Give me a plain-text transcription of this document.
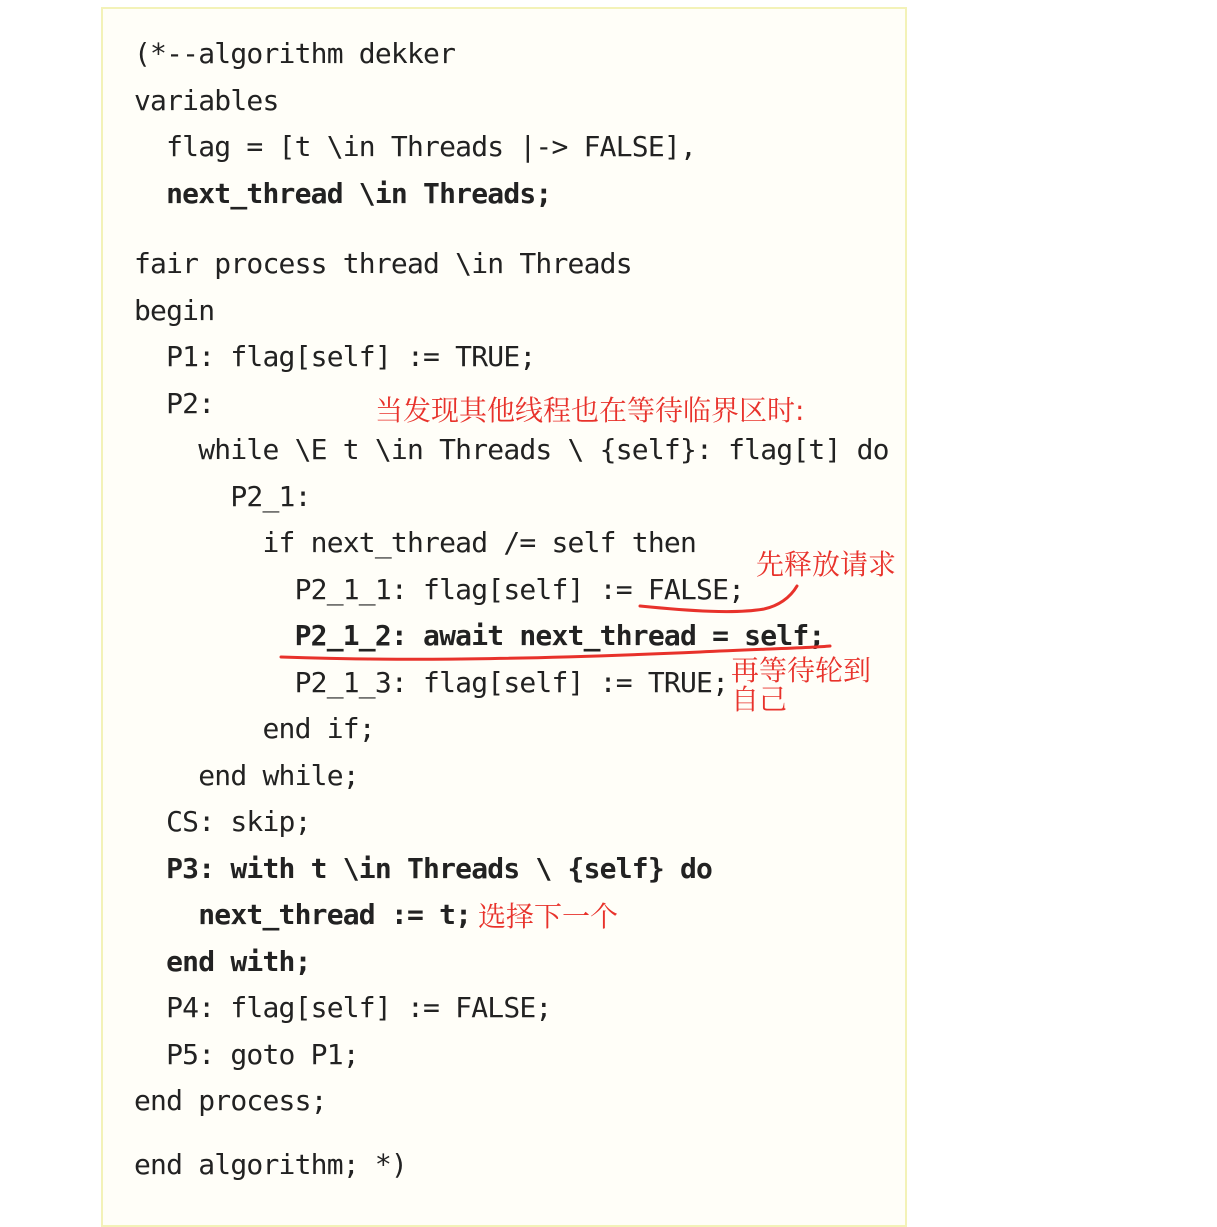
(*--algorithm dekker

variables

flag = [t \in Threads |-> FALSE],

next_thread \in Threads;

fair process thread \in Threads

begin

P1: flag[self] := TRUE;

P2:

while \E t \in Threads \ {self}: flag[t] do

P2_1:

if next_thread /= self then

P2_1_1: flag[self] := FALSE;

P2_1_2: await next_thread = self;

P2_1_3: flag[self] := TRUE;

end if;

end while;

CS: skip;

P3: with t \in Threads \ {self} do

next_thread := t;

end with;

P4: flag[self] := FALSE;

P5: goto P1;

end process;

end algorithm; *)

当发现其他线程也在等待临界区时:
先释放请求
再等待轮到
自己
选择下一个
